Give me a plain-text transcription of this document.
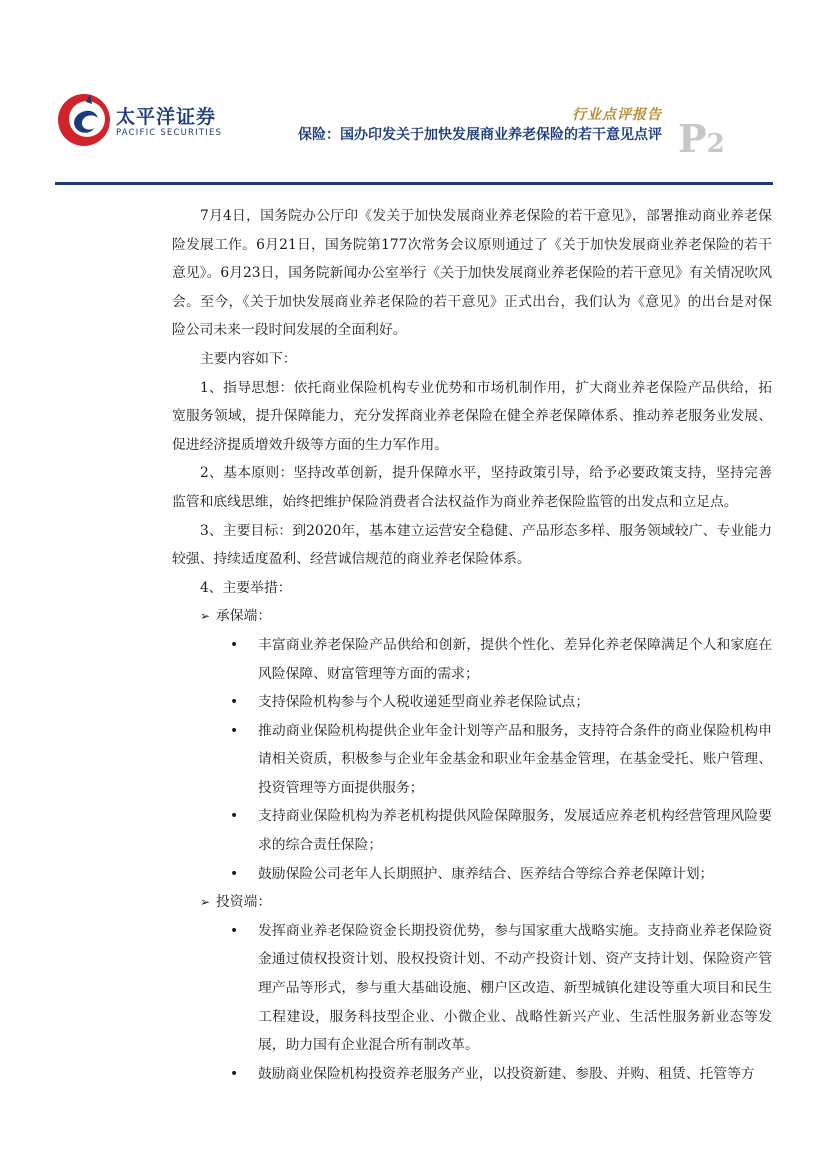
太平洋证券
PACIFIC SECURITIES
行业点评报告
保险：国办印发关于加快发展商业养老保险的若干意见点评 P2

7月4日，国务院办公厅印《发关于加快发展商业养老保险的若干意见》，部署推动商业养老保险发展工作。6月21日，国务院第177次常务会议原则通过了《关于加快发展商业养老保险的若干意见》。6月23日，国务院新闻办公室举行《关于加快发展商业养老保险的若干意见》有关情况吹风会。至今，《关于加快发展商业养老保险的若干意见》正式出台，我们认为《意见》的出台是对保险公司未来一段时间发展的全面利好。

主要内容如下：

1、指导思想：依托商业保险机构专业优势和市场机制作用，扩大商业养老保险产品供给，拓宽服务领域，提升保障能力，充分发挥商业养老保险在健全养老保障体系、推动养老服务业发展、促进经济提质增效升级等方面的生力军作用。

2、基本原则：坚持改革创新，提升保障水平，坚持政策引导，给予必要政策支持，坚持完善监管和底线思维，始终把维护保险消费者合法权益作为商业养老保险监管的出发点和立足点。

3、主要目标：到2020年，基本建立运营安全稳健、产品形态多样、服务领域较广、专业能力较强、持续适度盈利、经营诚信规范的商业养老保险体系。

4、主要举措：

➢ 承保端：

• 丰富商业养老保险产品供给和创新，提供个性化、差异化养老保障满足个人和家庭在风险保障、财富管理等方面的需求；
• 支持保险机构参与个人税收递延型商业养老保险试点；
• 推动商业保险机构提供企业年金计划等产品和服务，支持符合条件的商业保险机构申请相关资质，积极参与企业年金基金和职业年金基金管理，在基金受托、账户管理、投资管理等方面提供服务；
• 支持商业保险机构为养老机构提供风险保障服务，发展适应养老机构经营管理风险要求的综合责任保险；
• 鼓励保险公司老年人长期照护、康养结合、医养结合等综合养老保障计划；

➢ 投资端：

• 发挥商业养老保险资金长期投资优势，参与国家重大战略实施。支持商业养老保险资金通过债权投资计划、股权投资计划、不动产投资计划、资产支持计划、保险资产管理产品等形式，参与重大基础设施、棚户区改造、新型城镇化建设等重大项目和民生工程建设，服务科技型企业、小微企业、战略性新兴产业、生活性服务新业态等发展，助力国有企业混合所有制改革。
• 鼓励商业保险机构投资养老服务产业，以投资新建、参股、并购、租赁、托管等方
